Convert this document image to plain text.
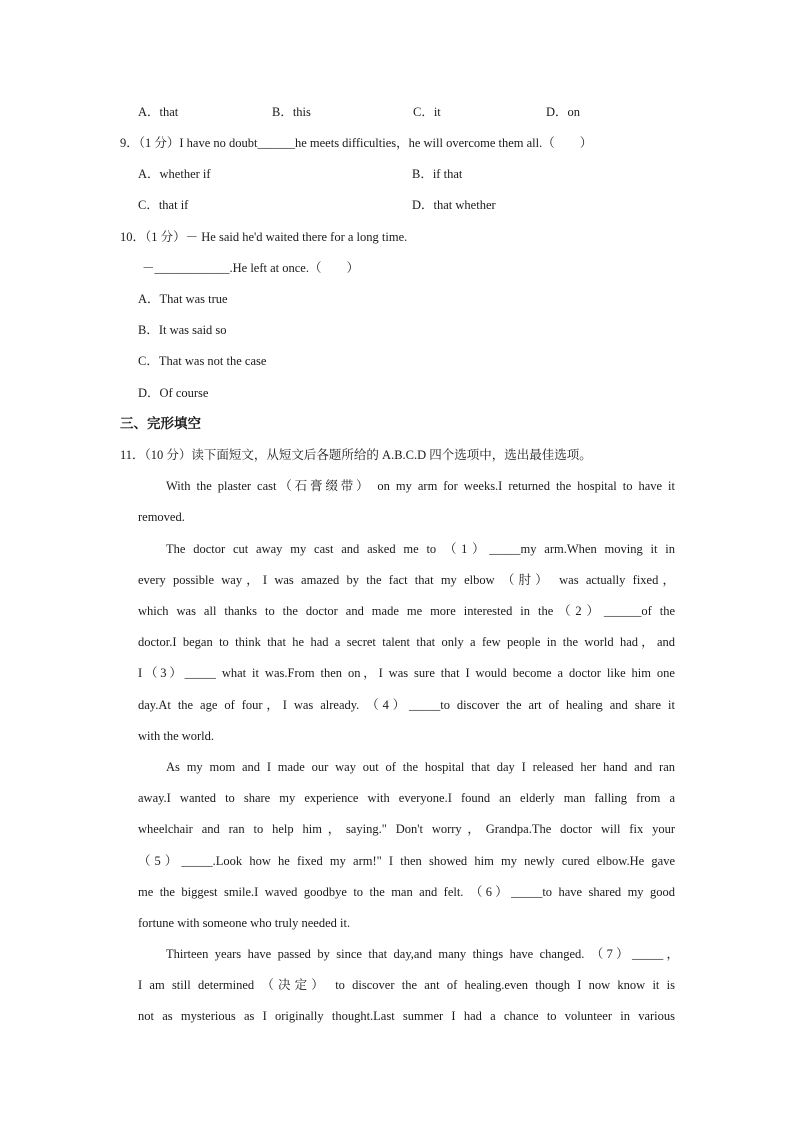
A．that	B．this	C．it	D．on
9．（1 分）I have no doubt______he meets difficulties，he will overcome them all.（　　）
A．whether if	B．if that
C．that if	D．that whether
10．（1 分）－ He said he'd waited there for a long time.
－____________.He left at once.（　　）
A．That was true
B．It was said so
C．That was not the case
D．Of course
三、完形填空
11．（10 分）读下面短文，从短文后各题所给的 A.B.C.D 四个选项中，选出最佳选项。
With the plaster cast（石膏缀带） on my arm for weeks.I returned the hospital to have it
removed.
The doctor cut away my cast and asked me to （1）_____my arm.When moving it in
every possible way，I was amazed by the fact that my elbow （肘） was actually fixed，
which was all thanks to the doctor and made me more interested in the（2）______of the
doctor.I began to think that he had a secret talent that only a few people in the world had，and
I（3）_____ what it was.From then on，I was sure that I would become a doctor like him one
day.At the age of four，I was already. （4）_____to discover the art of healing and share it
with the world.
As my mom and I made our way out of the hospital that day I released her hand and ran
away.I wanted to share my experience with everyone.I found an elderly man falling from a
wheelchair and ran to help him，saying." Don't worry，Grandpa.The doctor will fix your
（5）_____.Look how he fixed my arm!" I then showed him my newly cured elbow.He gave
me the biggest smile.I waved goodbye to the man and felt. （6）_____to have shared my good
fortune with someone who truly needed it.
Thirteen years have passed by since that day,and many things have changed. （7）_____，
I am still determined （决定） to discover the ant of healing.even though I now know it is
not as mysterious as I originally thought.Last summer I had a chance to volunteer in various
